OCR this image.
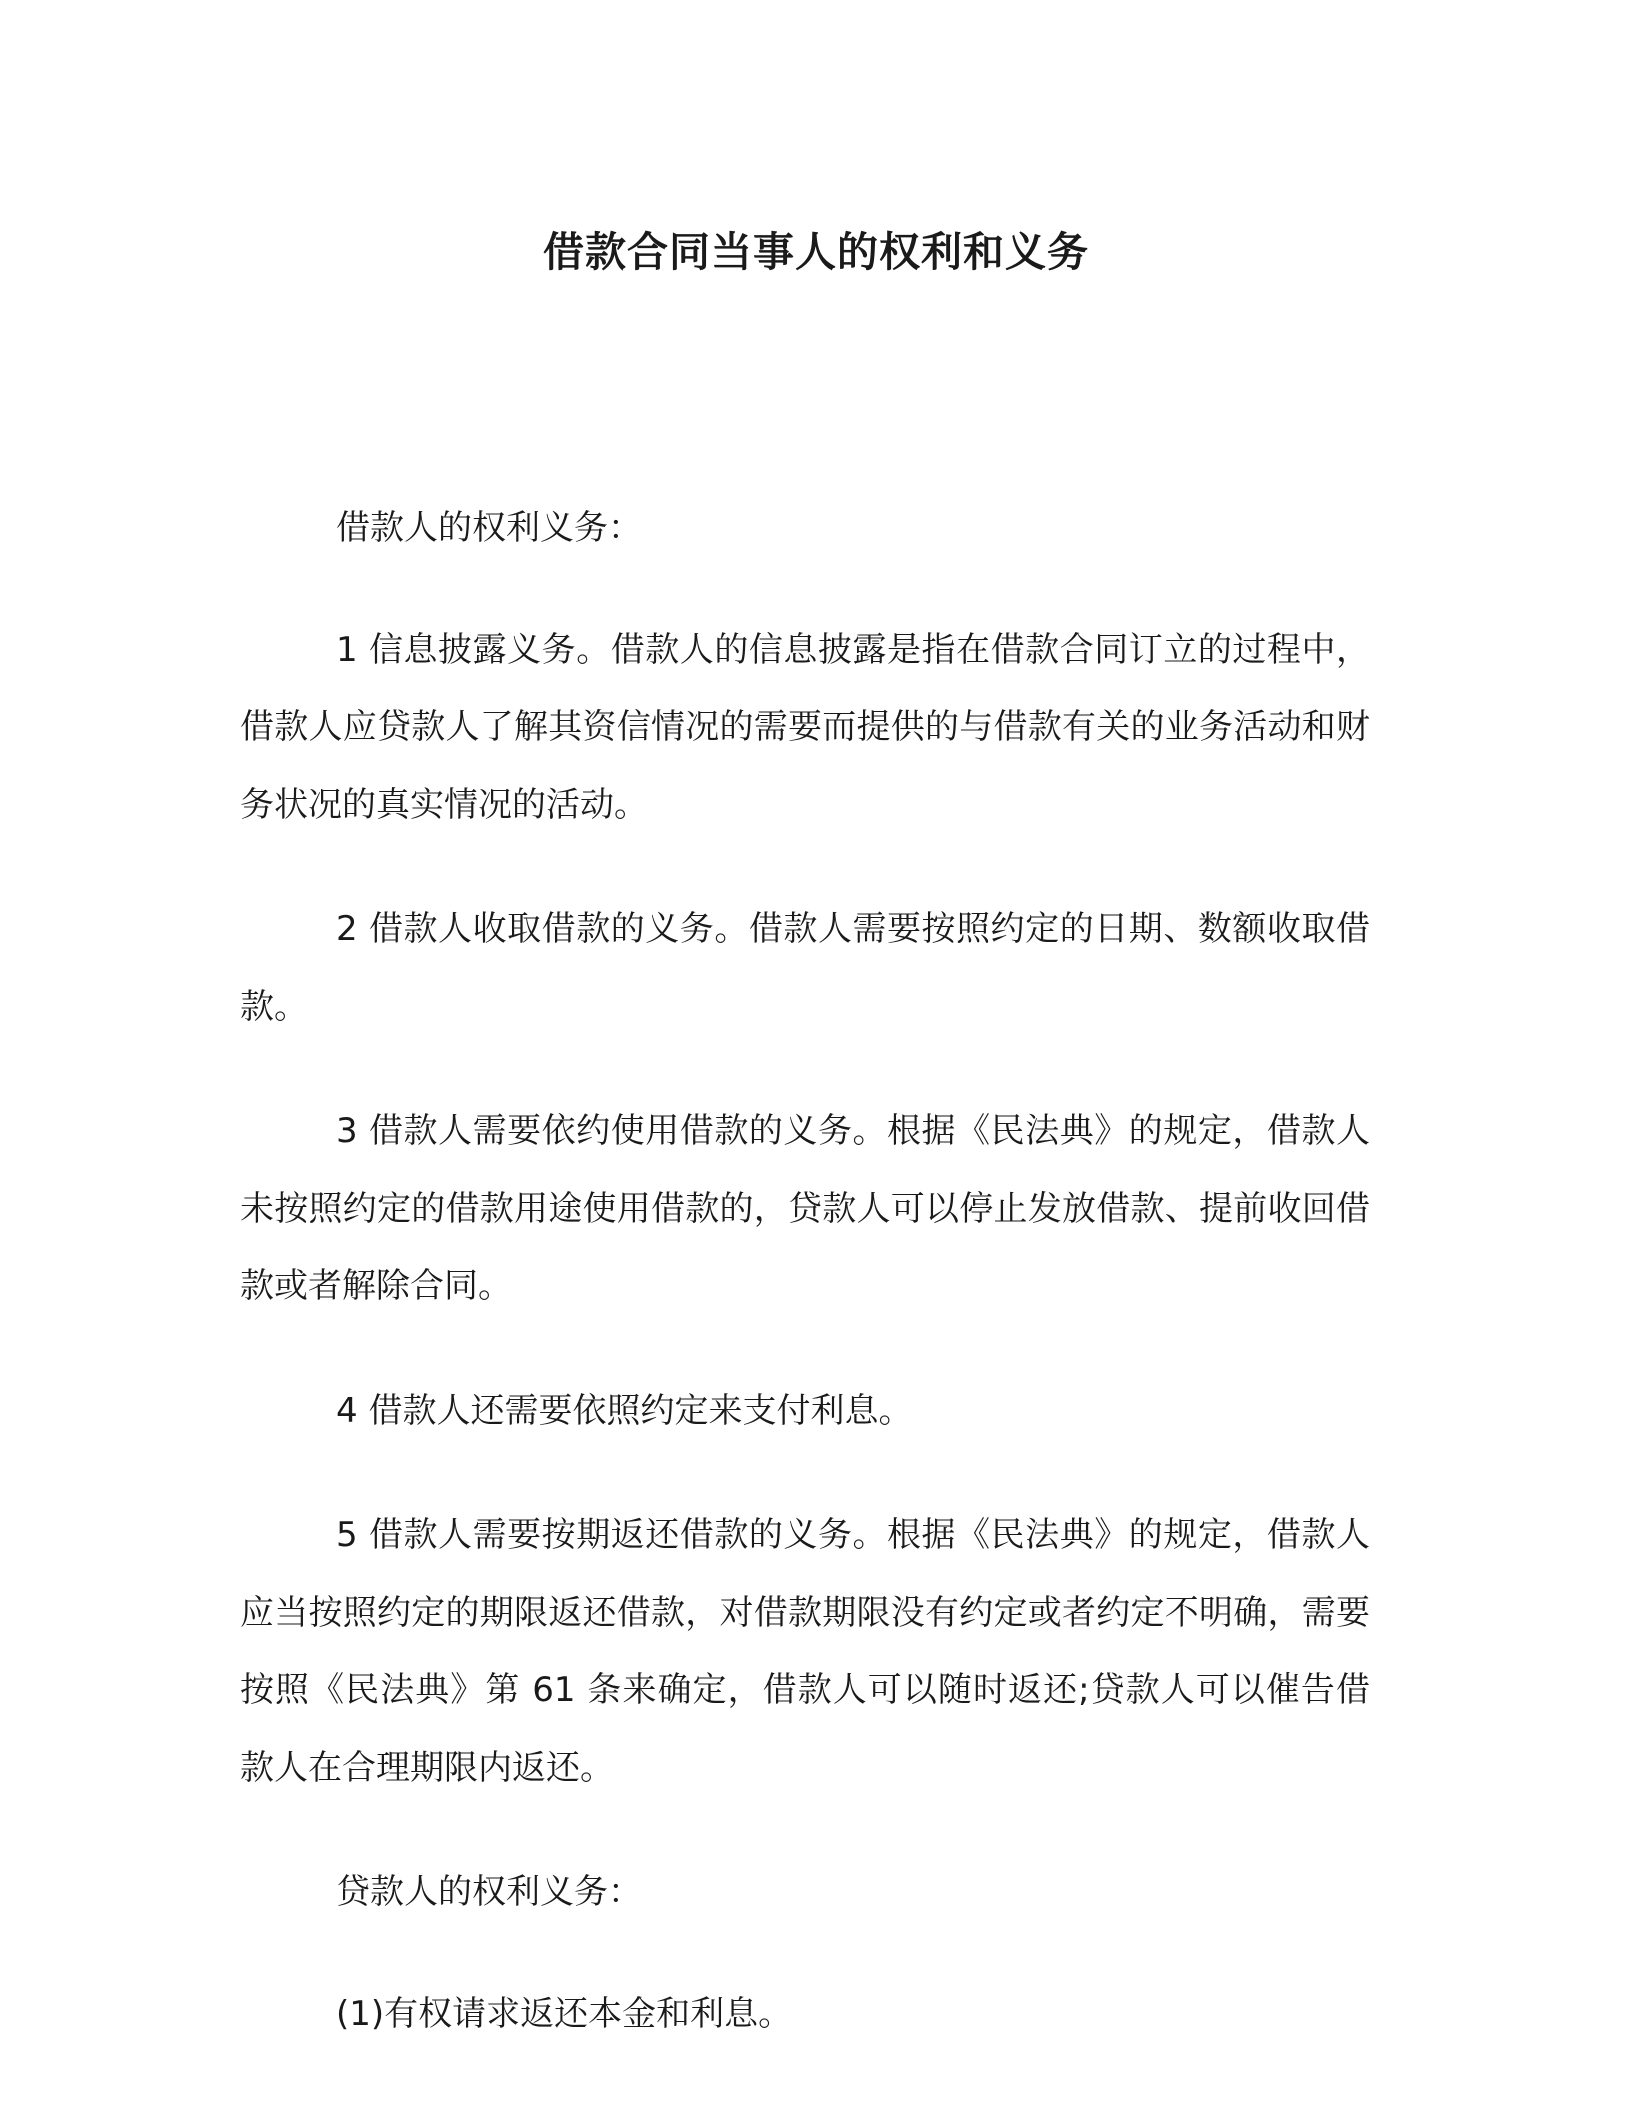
借款合同当事人的权利和义务

借款人的权利义务：

1 信息披露义务。借款人的信息披露是指在借款合同订立的过程中，借款人应贷款人了解其资信情况的需要而提供的与借款有关的业务活动和财务状况的真实情况的活动。

2 借款人收取借款的义务。借款人需要按照约定的日期、数额收取借款。

3 借款人需要依约使用借款的义务。根据《民法典》的规定，借款人未按照约定的借款用途使用借款的，贷款人可以停止发放借款、提前收回借款或者解除合同。

4 借款人还需要依照约定来支付利息。

5 借款人需要按期返还借款的义务。根据《民法典》的规定，借款人应当按照约定的期限返还借款，对借款期限没有约定或者约定不明确，需要按照《民法典》第 61 条来确定，借款人可以随时返还;贷款人可以催告借款人在合理期限内返还。

贷款人的权利义务：

(1)有权请求返还本金和利息。
